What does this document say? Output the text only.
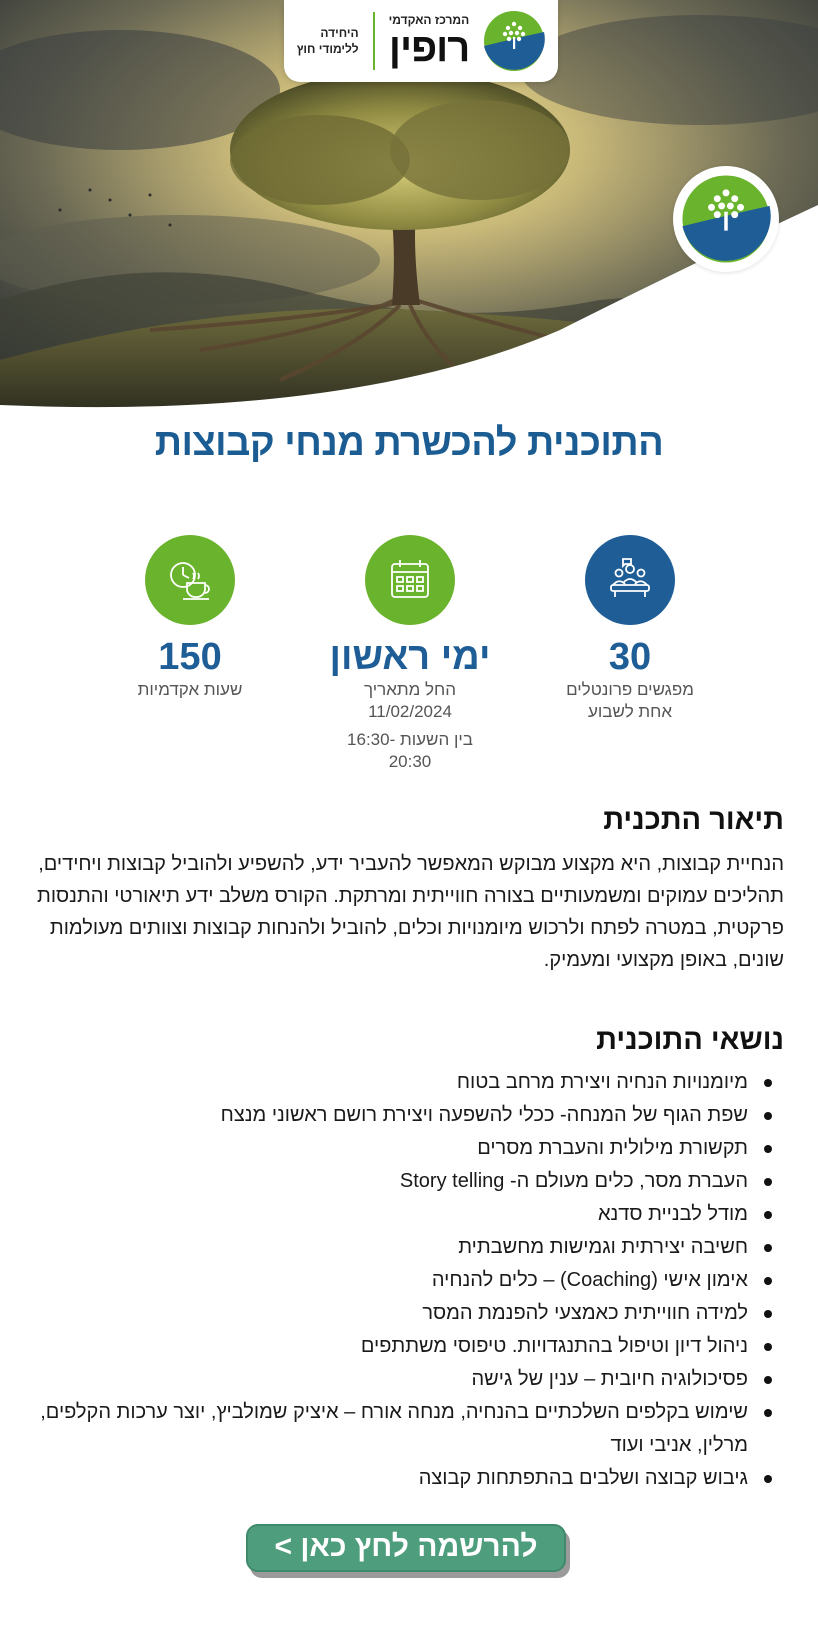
המרכז האקדמי
רופין
היחידה
ללימודי חוץ
התוכנית להכשרת מנחי קבוצות
30
מפגשים פרונטלים
אחת לשבוע
ימי ראשון
החל מתאריך
11/02/2024
בין השעות -16:30
20:30
150
שעות אקדמיות
תיאור התכנית

הנחיית קבוצות, היא מקצוע מבוקש המאפשר להעביר ידע, להשפיע ולהוביל קבוצות ויחידים, תהליכים עמוקים ומשמעותיים בצורה חווייתית ומרתקת. הקורס משלב ידע תיאורטי והתנסות פרקטית, במטרה לפתח ולרכוש מיומנויות וכלים, להוביל ולהנחות קבוצות וצוותים מעולמות שונים, באופן מקצועי ומעמיק.

נושאי התוכנית
מיומנויות הנחיה ויצירת מרחב בטוח
שפת הגוף של המנחה- ככלי להשפעה ויצירת רושם ראשוני מנצח
תקשורת מילולית והעברת מסרים
העברת מסר, כלים מעולם ה- Story telling
מודל לבניית סדנא
חשיבה יצירתית וגמישות מחשבתית
אימון אישי (Coaching) – כלים להנחיה
למידה חווייתית כאמצעי להפנמת המסר
ניהול דיון וטיפול בהתנגדויות. טיפוסי משתתפים
פסיכולוגיה חיובית – ענין של גישה
שימוש בקלפים השלכתיים בהנחיה, מנחה אורח – איציק שמולביץ, יוצר ערכות הקלפים, מרלין, אניבי ועוד
גיבוש קבוצה ושלבים בהתפתחות קבוצה
להרשמה לחץ כאן >
